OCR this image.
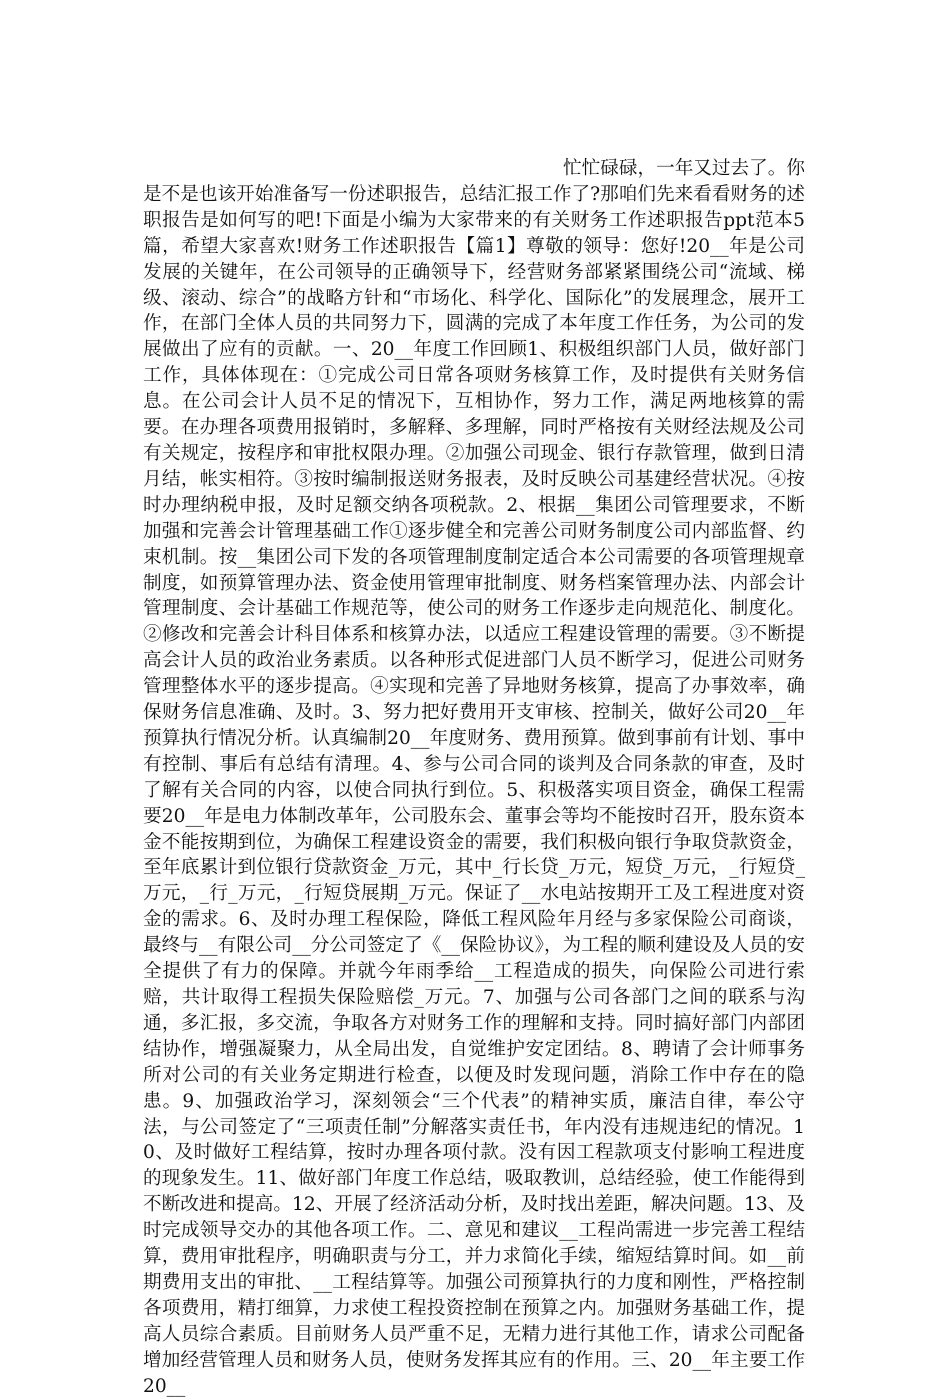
忙忙碌碌，一年又过去了。你是不是也该开始准备写一份述职报告，总结汇报工作了?那咱们先来看看财务的述职报告是如何写的吧!下面是小编为大家带来的有关财务工作述职报告ppt范本5篇，希望大家喜欢!财务工作述职报告【篇1】尊敬的领导：您好!20__年是公司发展的关键年，在公司领导的正确领导下，经营财务部紧紧围绕公司“流域、梯级、滚动、综合”的战略方针和“市场化、科学化、国际化”的发展理念，展开工作，在部门全体人员的共同努力下，圆满的完成了本年度工作任务，为公司的发展做出了应有的贡献。一、20__年度工作回顾1、积极组织部门人员，做好部门工作，具体体现在：①完成公司日常各项财务核算工作，及时提供有关财务信息。在公司会计人员不足的情况下，互相协作，努力工作，满足两地核算的需要。在办理各项费用报销时，多解释、多理解，同时严格按有关财经法规及公司有关规定，按程序和审批权限办理。②加强公司现金、银行存款管理，做到日清月结，帐实相符。③按时编制报送财务报表，及时反映公司基建经营状况。④按时办理纳税申报，及时足额交纳各项税款。2、根据__集团公司管理要求，不断加强和完善会计管理基础工作①逐步健全和完善公司财务制度公司内部监督、约束机制。按__集团公司下发的各项管理制度制定适合本公司需要的各项管理规章制度，如预算管理办法、资金使用管理审批制度、财务档案管理办法、内部会计管理制度、会计基础工作规范等，使公司的财务工作逐步走向规范化、制度化。②修改和完善会计科目体系和核算办法，以适应工程建设管理的需要。③不断提高会计人员的政治业务素质。以各种形式促进部门人员不断学习，促进公司财务管理整体水平的逐步提高。④实现和完善了异地财务核算，提高了办事效率，确保财务信息准确、及时。3、努力把好费用开支审核、控制关，做好公司20__年预算执行情况分析。认真编制20__年度财务、费用预算。做到事前有计划、事中有控制、事后有总结有清理。4、参与公司合同的谈判及合同条款的审查，及时了解有关合同的内容，以使合同执行到位。5、积极落实项目资金，确保工程需要20__年是电力体制改革年，公司股东会、董事会等均不能按时召开，股东资本金不能按期到位，为确保工程建设资金的需要，我们积极向银行争取贷款资金，至年底累计到位银行贷款资金_万元，其中_行长贷_万元，短贷_万元，_行短贷_万元，_行_万元，_行短贷展期_万元。保证了__水电站按期开工及工程进度对资金的需求。6、及时办理工程保险，降低工程风险年月经与多家保险公司商谈，最终与__有限公司__分公司签定了《__保险协议》，为工程的顺利建设及人员的安全提供了有力的保障。并就今年雨季给__工程造成的损失，向保险公司进行索赔，共计取得工程损失保险赔偿_万元。7、加强与公司各部门之间的联系与沟通，多汇报，多交流，争取各方对财务工作的理解和支持。同时搞好部门内部团结协作，增强凝聚力，从全局出发，自觉维护安定团结。8、聘请了会计师事务所对公司的有关业务定期进行检查，以便及时发现问题，消除工作中存在的隐患。9、加强政治学习，深刻领会“三个代表”的精神实质，廉洁自律，奉公守法，与公司签定了“三项责任制”分解落实责任书，年内没有违规违纪的情况。10、及时做好工程结算，按时办理各项付款。没有因工程款项支付影响工程进度的现象发生。11、做好部门年度工作总结，吸取教训，总结经验，使工作能得到不断改进和提高。12、开展了经济活动分析，及时找出差距，解决问题。13、及时完成领导交办的其他各项工作。二、意见和建议__工程尚需进一步完善工程结算，费用审批程序，明确职责与分工，并力求简化手续，缩短结算时间。如__前期费用支出的审批、__工程结算等。加强公司预算执行的力度和刚性，严格控制各项费用，精打细算，力求使工程投资控制在预算之内。加强财务基础工作，提高人员综合素质。目前财务人员严重不足，无精力进行其他工作，请求公司配备增加经营管理人员和财务人员，使财务发挥其应有的作用。三、20__年主要工作20__
